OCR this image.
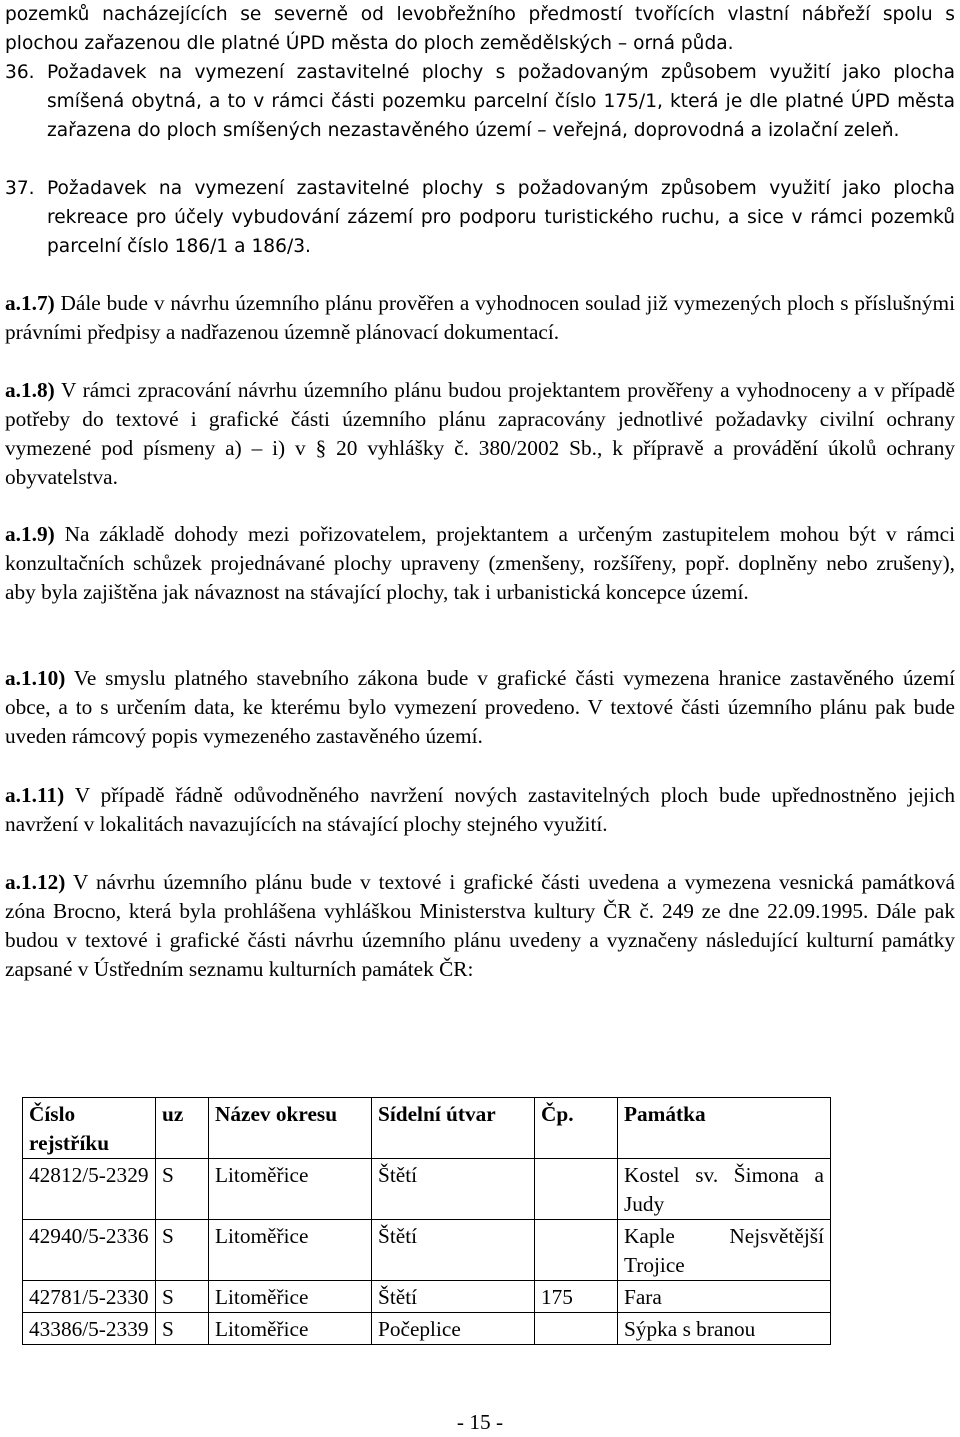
pozemků nacházejících se severně od levobřežního předmostí tvořících vlastní nábřeží spolu s plochou zařazenou dle platné ÚPD města do ploch zemědělských – orná půda.

36. Požadavek na vymezení zastavitelné plochy s požadovaným způsobem využití jako plocha smíšená obytná, a to v rámci části pozemku parcelní číslo 175/1, která je dle platné ÚPD města zařazena do ploch smíšených nezastavěného území – veřejná, doprovodná a izolační zeleň.
37. Požadavek na vymezení zastavitelné plochy s požadovaným způsobem využití jako plocha rekreace pro účely vybudování zázemí pro podporu turistického ruchu, a sice v rámci pozemků parcelní číslo 186/1 a 186/3.

a.1.7) Dále bude v návrhu územního plánu prověřen a vyhodnocen soulad již vymezených ploch s příslušnými právními předpisy a nadřazenou územně plánovací dokumentací.

a.1.8) V rámci zpracování návrhu územního plánu budou projektantem prověřeny a vyhodnoceny a v případě potřeby do textové i grafické části územního plánu zapracovány jednotlivé požadavky civilní ochrany vymezené pod písmeny a) – i) v § 20 vyhlášky č. 380/2002 Sb., k přípravě a provádění úkolů ochrany obyvatelstva.

a.1.9) Na základě dohody mezi pořizovatelem, projektantem a určeným zastupitelem mohou být v rámci konzultačních schůzek projednávané plochy upraveny (zmenšeny, rozšířeny, popř. doplněny nebo zrušeny), aby byla zajištěna jak návaznost na stávající plochy, tak i urbanistická koncepce území.

a.1.10) Ve smyslu platného stavebního zákona bude v grafické části vymezena hranice zastavěného území obce, a to s určením data, ke kterému bylo vymezení provedeno. V textové části územního plánu pak bude uveden rámcový popis vymezeného zastavěného území.

a.1.11) V případě řádně odůvodněného navržení nových zastavitelných ploch bude upřednostněno jejich navržení v lokalitách navazujících na stávající plochy stejného využití.

a.1.12) V návrhu územního plánu bude v textové i grafické části uvedena a vymezena vesnická památková zóna Brocno, která byla prohlášena vyhláškou Ministerstva kultury ČR č. 249 ze dne 22.09.1995. Dále pak budou v textové i grafické části návrhu územního plánu uvedeny a vyznačeny následující kulturní památky zapsané v Ústředním seznamu kulturních památek ČR:

Číslo rejstříku	uz	Název okresu	Sídelní útvar	Čp.	Památka
42812/5-2329	S	Litoměřice	Štětí		Kostel sv. Šimona a Judy
42940/5-2336	S	Litoměřice	Štětí		Kaple Nejsvětější Trojice
42781/5-2330	S	Litoměřice	Štětí	175	Fara
43386/5-2339	S	Litoměřice	Počeplice		Sýpka s branou
- 15 -
